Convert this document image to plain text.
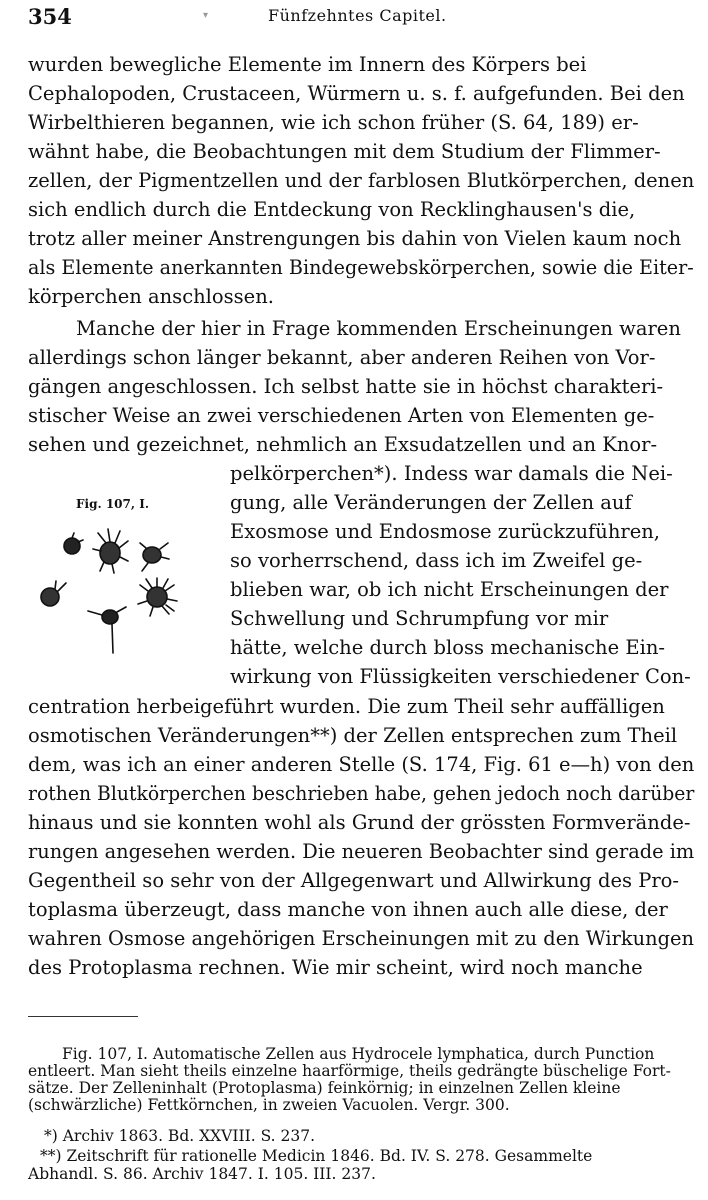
354	▾	Fünfzehntes Capitel.
wurden bewegliche Elemente im Innern des Körpers bei
Cephalopoden, Crustaceen, Würmern u. s. f. aufgefunden. Bei den
Wirbelthieren begannen, wie ich schon früher (S. 64, 189) er-
wähnt habe, die Beobachtungen mit dem Studium der Flimmer-
zellen, der Pigmentzellen und der farblosen Blutkörperchen, denen
sich endlich durch die Entdeckung von Recklinghausen's die,
trotz aller meiner Anstrengungen bis dahin von Vielen kaum noch
als Elemente anerkannten Bindegewebskörperchen, sowie die Eiter-
körperchen anschlossen.
Manche der hier in Frage kommenden Erscheinungen waren
allerdings schon länger bekannt, aber anderen Reihen von Vor-
gängen angeschlossen. Ich selbst hatte sie in höchst charakteri-
stischer Weise an zwei verschiedenen Arten von Elementen ge-
sehen und gezeichnet, nehmlich an Exsudatzellen und an Knor-
pelkörperchen*). Indess war damals die Nei-
gung, alle Veränderungen der Zellen auf
Exosmose und Endosmose zurückzuführen,
so vorherrschend, dass ich im Zweifel ge-
blieben war, ob ich nicht Erscheinungen der
Schwellung und Schrumpfung vor mir
hätte, welche durch bloss mechanische Ein-
wirkung von Flüssigkeiten verschiedener Con-
centration herbeigeführt wurden. Die zum Theil sehr auffälligen
osmotischen Veränderungen**) der Zellen entsprechen zum Theil
dem, was ich an einer anderen Stelle (S. 174, Fig. 61 e—h) von den
rothen Blutkörperchen beschrieben habe, gehen jedoch noch darüber
hinaus und sie konnten wohl als Grund der grössten Formverände-
rungen angesehen werden. Die neueren Beobachter sind gerade im
Gegentheil so sehr von der Allgegenwart und Allwirkung des Pro-
toplasma überzeugt, dass manche von ihnen auch alle diese, der
wahren Osmose angehörigen Erscheinungen mit zu den Wirkungen
des Protoplasma rechnen. Wie mir scheint, wird noch manche
Fig. 107, I.
Fig. 107, I. Automatische Zellen aus Hydrocele lymphatica, durch Punction
entleert. Man sieht theils einzelne haarförmige, theils gedrängte büschelige Fort-
sätze. Der Zelleninhalt (Protoplasma) feinkörnig; in einzelnen Zellen kleine
(schwärzliche) Fettkörnchen, in zweien Vacuolen. Vergr. 300.
*) Archiv 1863. Bd. XXVIII. S. 237.
**) Zeitschrift für rationelle Medicin 1846. Bd. IV. S. 278. Gesammelte
Abhandl. S. 86. Archiv 1847. I. 105. III. 237.
